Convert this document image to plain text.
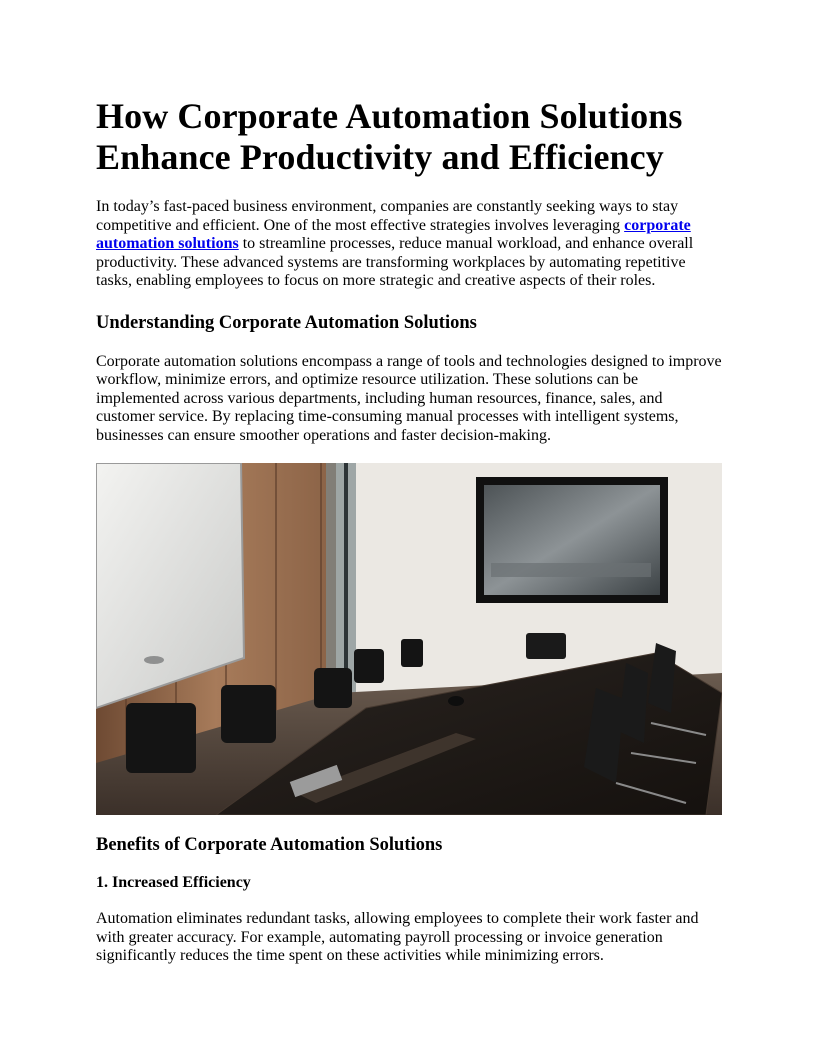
How Corporate Automation Solutions Enhance Productivity and Efficiency

In today’s fast-paced business environment, companies are constantly seeking ways to stay competitive and efficient. One of the most effective strategies involves leveraging corporate automation solutions to streamline processes, reduce manual workload, and enhance overall productivity. These advanced systems are transforming workplaces by automating repetitive tasks, enabling employees to focus on more strategic and creative aspects of their roles.

Understanding Corporate Automation Solutions

Corporate automation solutions encompass a range of tools and technologies designed to improve workflow, minimize errors, and optimize resource utilization. These solutions can be implemented across various departments, including human resources, finance, sales, and customer service. By replacing time-consuming manual processes with intelligent systems, businesses can ensure smoother operations and faster decision-making.

Benefits of Corporate Automation Solutions
1. Increased Efficiency

Automation eliminates redundant tasks, allowing employees to complete their work faster and with greater accuracy. For example, automating payroll processing or invoice generation significantly reduces the time spent on these activities while minimizing errors.
